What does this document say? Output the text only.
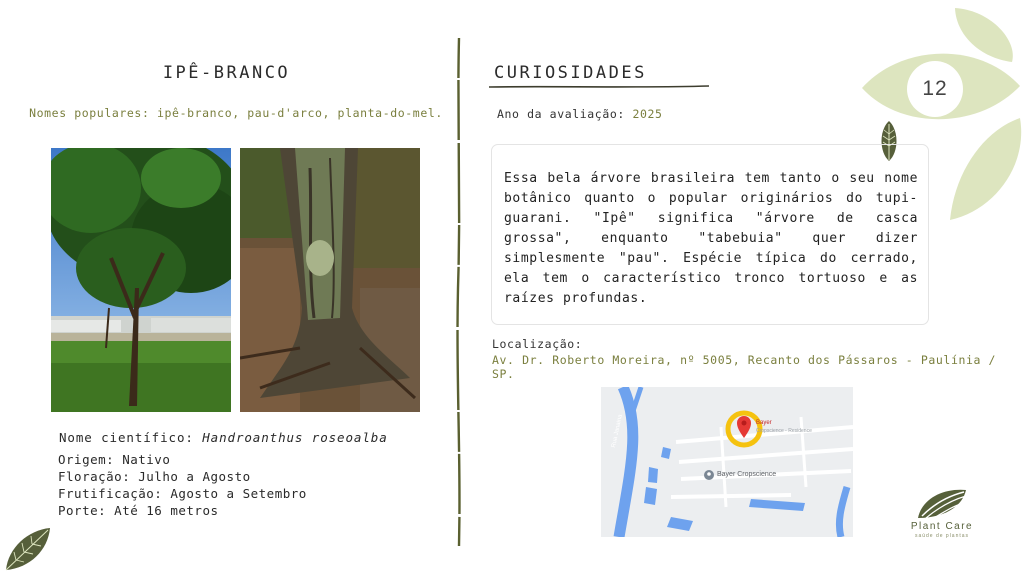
12
IPÊ-BRANCO
Nomes populares: ipê-branco, pau-d'arco, planta-do-mel.
Nome científico: Handroanthus roseoalba
Origem: Nativo
Floração: Julho a Agosto
Frutificação: Agosto a Setembro
Porte: Até 16 metros
CURIOSIDADES
Ano da avaliação: 2025
Essa bela árvore brasileira tem tanto o seu nome botânico quanto o popular originários do tupi-guarani. "Ipê" significa "árvore de casca grossa", enquanto "tabebuia" quer dizer simplesmente "pau". Espécie típica do cerrado, ela tem o característico tronco tortuoso e as raízes profundas.
Localização:
Av. Dr. Roberto Moreira, nº 5005, Recanto dos Pássaros - Paulínia / SP.
Rua Janaina	Bayer
Cropscience - Residence
Bayer Cropscience
Plant Care
saúde de plantas
